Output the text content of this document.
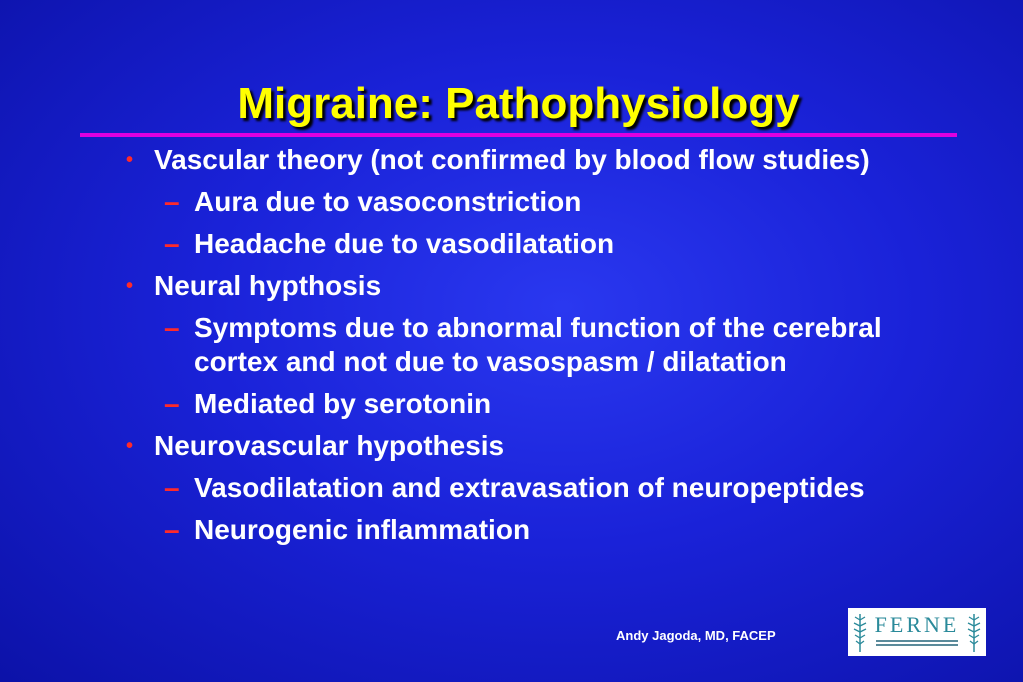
Migraine: Pathophysiology
• Vascular theory (not confirmed by blood flow studies)
– Aura due to vasoconstriction
– Headache due to vasodilatation
• Neural hypthosis
– Symptoms due to abnormal function of the cerebral cortex and not due to vasospasm / dilatation
– Mediated by serotonin
• Neurovascular hypothesis
– Vasodilatation and extravasation of neuropeptides
– Neurogenic inflammation
Andy Jagoda, MD, FACEP	FERNE
